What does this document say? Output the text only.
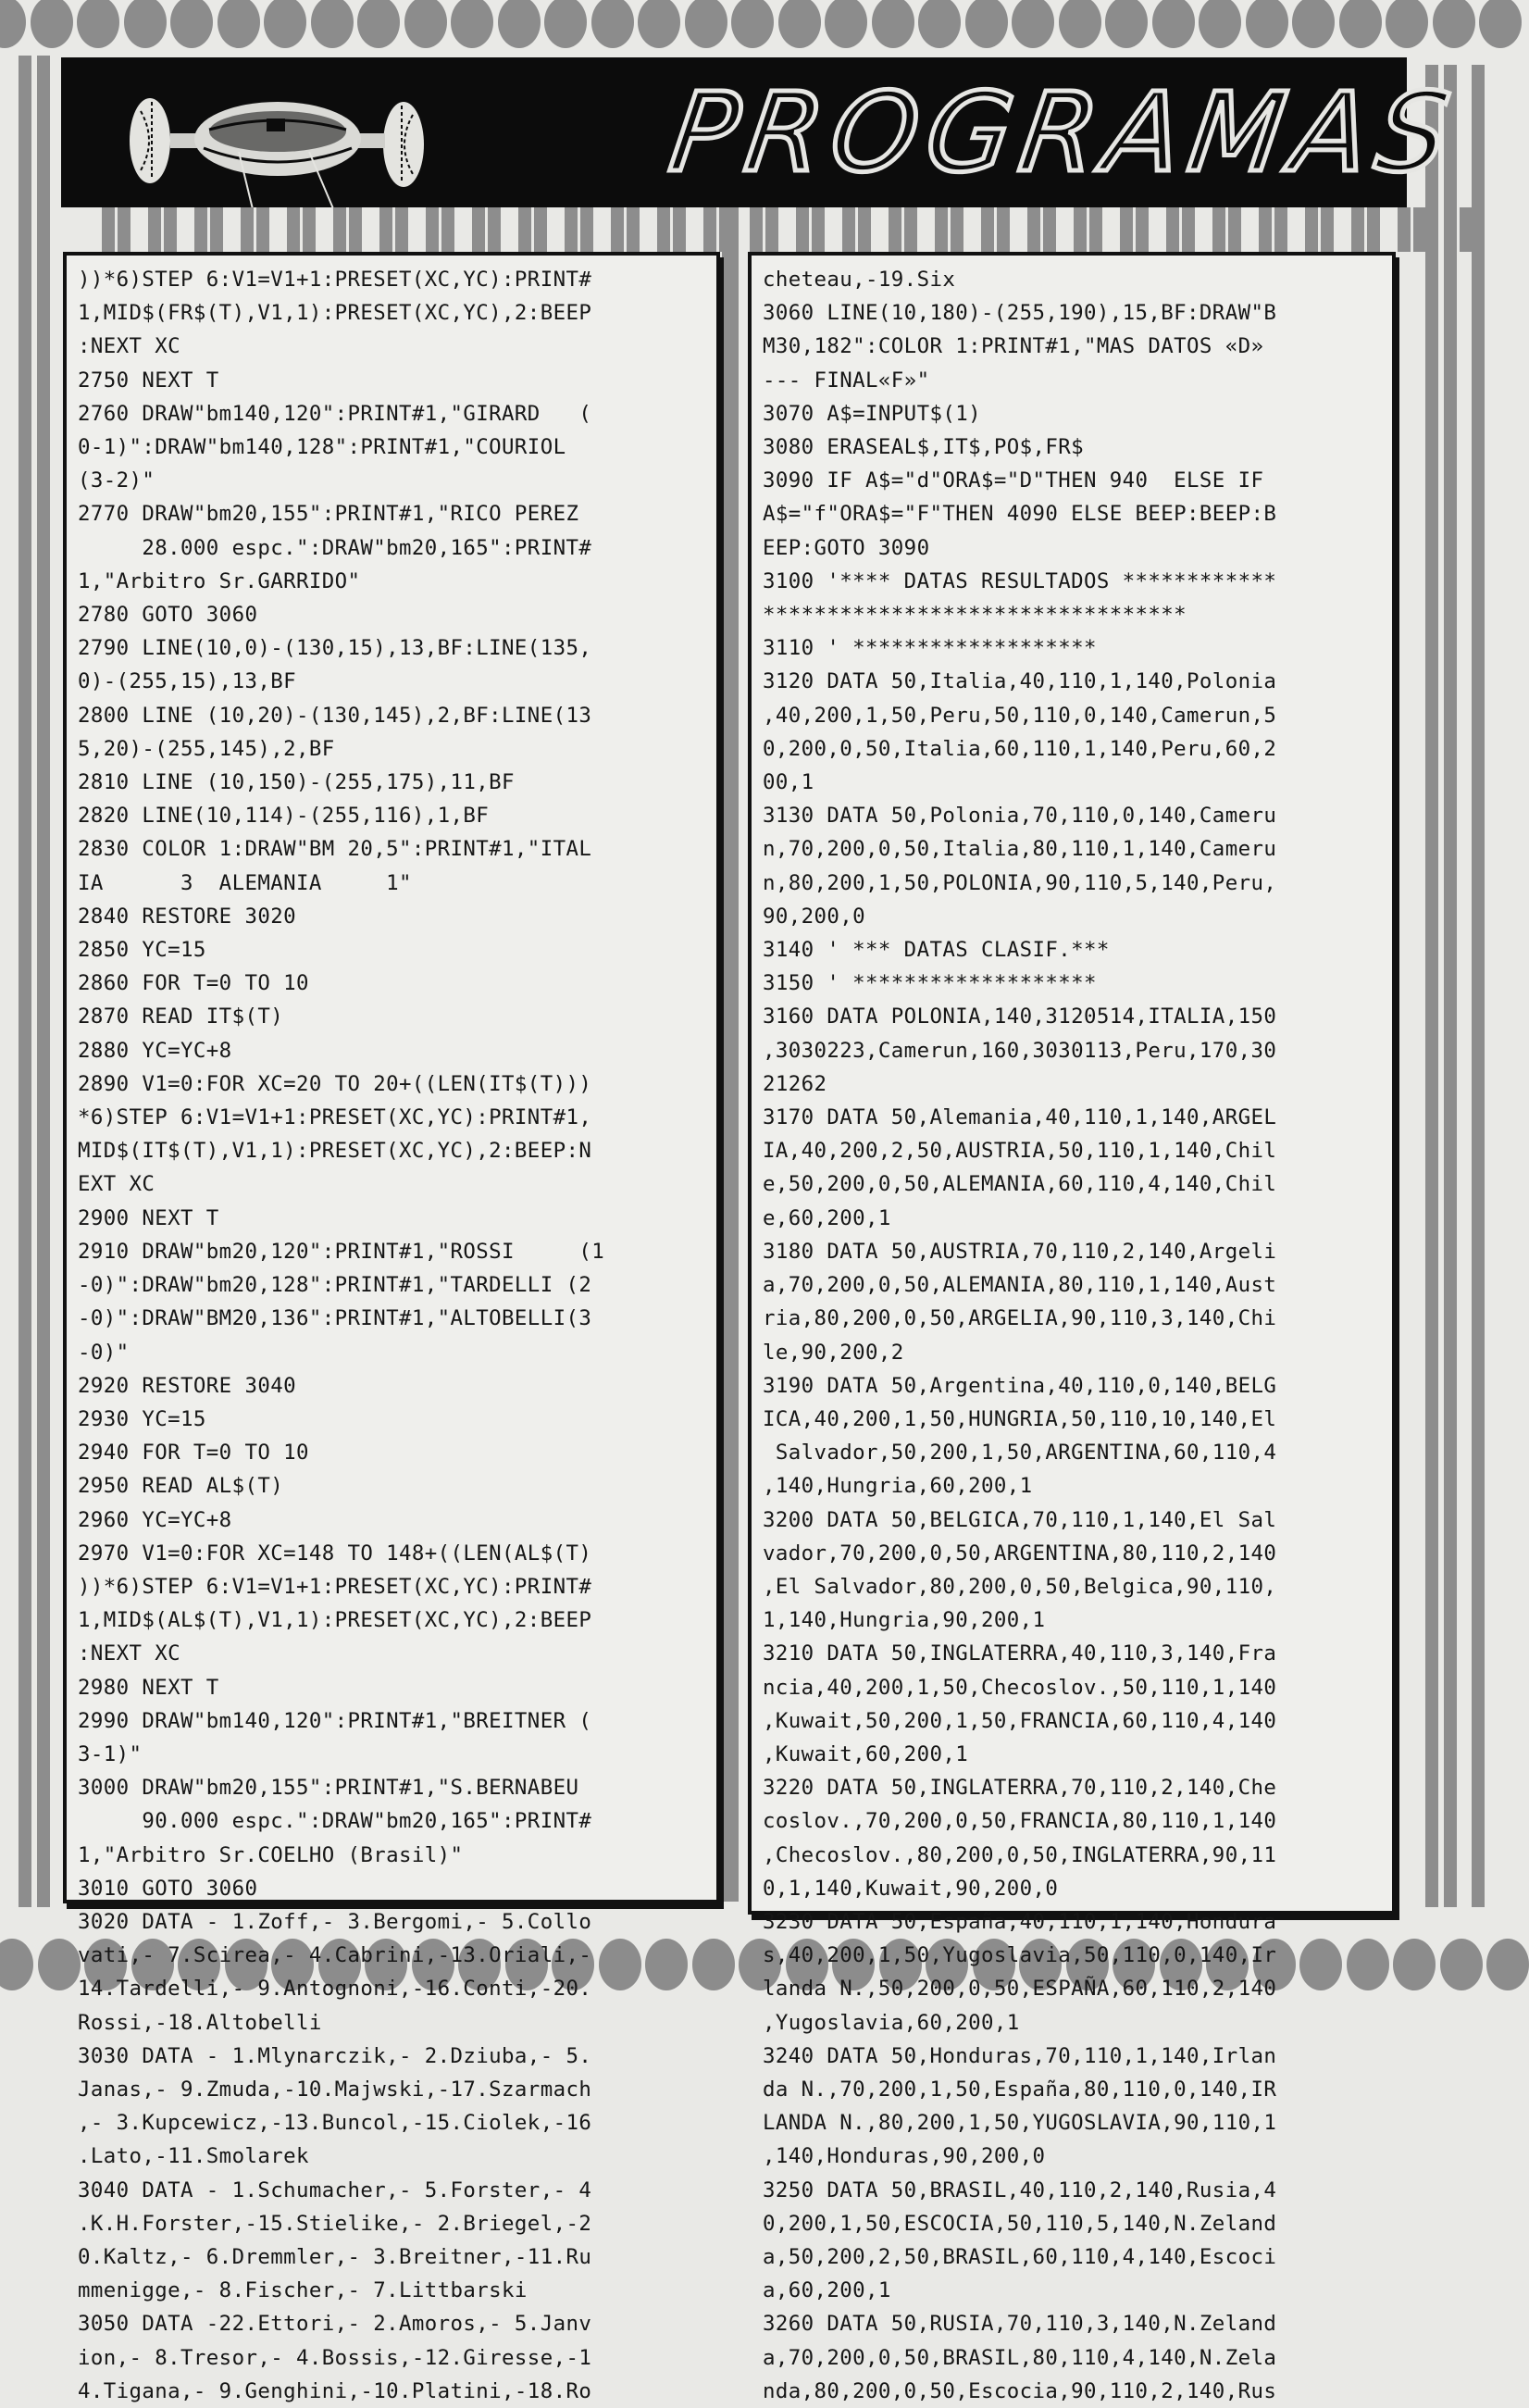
PROGRAMAS
))*6)STEP 6:V1=V1+1:PRESET(XC,YC):PRINT#
1,MID$(FR$(T),V1,1):PRESET(XC,YC),2:BEEP
:NEXT XC
2750 NEXT T
2760 DRAW"bm140,120":PRINT#1,"GIRARD   (
0-1)":DRAW"bm140,128":PRINT#1,"COURIOL
(3-2)"
2770 DRAW"bm20,155":PRINT#1,"RICO PEREZ
28.000 espc.":DRAW"bm20,165":PRINT#
1,"Arbitro Sr.GARRIDO"
2780 GOTO 3060
2790 LINE(10,0)-(130,15),13,BF:LINE(135,
0)-(255,15),13,BF
2800 LINE (10,20)-(130,145),2,BF:LINE(13
5,20)-(255,145),2,BF
2810 LINE (10,150)-(255,175),11,BF
2820 LINE(10,114)-(255,116),1,BF
2830 COLOR 1:DRAW"BM 20,5":PRINT#1,"ITAL
IA      3  ALEMANIA     1"
2840 RESTORE 3020
2850 YC=15
2860 FOR T=0 TO 10
2870 READ IT$(T)
2880 YC=YC+8
2890 V1=0:FOR XC=20 TO 20+((LEN(IT$(T)))
*6)STEP 6:V1=V1+1:PRESET(XC,YC):PRINT#1,
MID$(IT$(T),V1,1):PRESET(XC,YC),2:BEEP:N
EXT XC
2900 NEXT T
2910 DRAW"bm20,120":PRINT#1,"ROSSI     (1
-0)":DRAW"bm20,128":PRINT#1,"TARDELLI (2
-0)":DRAW"BM20,136":PRINT#1,"ALTOBELLI(3
-0)"
2920 RESTORE 3040
2930 YC=15
2940 FOR T=0 TO 10
2950 READ AL$(T)
2960 YC=YC+8
2970 V1=0:FOR XC=148 TO 148+((LEN(AL$(T)
))*6)STEP 6:V1=V1+1:PRESET(XC,YC):PRINT#
1,MID$(AL$(T),V1,1):PRESET(XC,YC),2:BEEP
:NEXT XC
2980 NEXT T
2990 DRAW"bm140,120":PRINT#1,"BREITNER (
3-1)"
3000 DRAW"bm20,155":PRINT#1,"S.BERNABEU
90.000 espc.":DRAW"bm20,165":PRINT#
1,"Arbitro Sr.COELHO (Brasil)"
3010 GOTO 3060
3020 DATA - 1.Zoff,- 3.Bergomi,- 5.Collo
vati,- 7.Scirea,- 4.Cabrini,-13.Oriali,-
14.Tardelli,- 9.Antognoni,-16.Conti,-20.
Rossi,-18.Altobelli
3030 DATA - 1.Mlynarczik,- 2.Dziuba,- 5.
Janas,- 9.Zmuda,-10.Majwski,-17.Szarmach
,- 3.Kupcewicz,-13.Buncol,-15.Ciolek,-16
.Lato,-11.Smolarek
3040 DATA - 1.Schumacher,- 5.Forster,- 4
.K.H.Forster,-15.Stielike,- 2.Briegel,-2
0.Kaltz,- 6.Dremmler,- 3.Breitner,-11.Ru
mmenigge,- 8.Fischer,- 7.Littbarski
3050 DATA -22.Ettori,- 2.Amoros,- 5.Janv
ion,- 8.Tresor,- 4.Bossis,-12.Giresse,-1
4.Tigana,- 9.Genghini,-10.Platini,-18.Ro
cheteau,-19.Six
3060 LINE(10,180)-(255,190),15,BF:DRAW"B
M30,182":COLOR 1:PRINT#1,"MAS DATOS «D»
--- FINAL«F»"
3070 A$=INPUT$(1)
3080 ERASEAL$,IT$,PO$,FR$
3090 IF A$="d"ORA$="D"THEN 940  ELSE IF
A$="f"ORA$="F"THEN 4090 ELSE BEEP:BEEP:B
EEP:GOTO 3090
3100 '**** DATAS RESULTADOS ************
*********************************
3110 ' *******************
3120 DATA 50,Italia,40,110,1,140,Polonia
,40,200,1,50,Peru,50,110,0,140,Camerun,5
0,200,0,50,Italia,60,110,1,140,Peru,60,2
00,1
3130 DATA 50,Polonia,70,110,0,140,Cameru
n,70,200,0,50,Italia,80,110,1,140,Cameru
n,80,200,1,50,POLONIA,90,110,5,140,Peru,
90,200,0
3140 ' *** DATAS CLASIF.***
3150 ' *******************
3160 DATA POLONIA,140,3120514,ITALIA,150
,3030223,Camerun,160,3030113,Peru,170,30
21262
3170 DATA 50,Alemania,40,110,1,140,ARGEL
IA,40,200,2,50,AUSTRIA,50,110,1,140,Chil
e,50,200,0,50,ALEMANIA,60,110,4,140,Chil
e,60,200,1
3180 DATA 50,AUSTRIA,70,110,2,140,Argeli
a,70,200,0,50,ALEMANIA,80,110,1,140,Aust
ria,80,200,0,50,ARGELIA,90,110,3,140,Chi
le,90,200,2
3190 DATA 50,Argentina,40,110,0,140,BELG
ICA,40,200,1,50,HUNGRIA,50,110,10,140,El
Salvador,50,200,1,50,ARGENTINA,60,110,4
,140,Hungria,60,200,1
3200 DATA 50,BELGICA,70,110,1,140,El Sal
vador,70,200,0,50,ARGENTINA,80,110,2,140
,El Salvador,80,200,0,50,Belgica,90,110,
1,140,Hungria,90,200,1
3210 DATA 50,INGLATERRA,40,110,3,140,Fra
ncia,40,200,1,50,Checoslov.,50,110,1,140
,Kuwait,50,200,1,50,FRANCIA,60,110,4,140
,Kuwait,60,200,1
3220 DATA 50,INGLATERRA,70,110,2,140,Che
coslov.,70,200,0,50,FRANCIA,80,110,1,140
,Checoslov.,80,200,0,50,INGLATERRA,90,11
0,1,140,Kuwait,90,200,0
3230 DATA 50,España,40,110,1,140,Hondura
s,40,200,1,50,Yugoslavia,50,110,0,140,Ir
landa N.,50,200,0,50,ESPAÑA,60,110,2,140
,Yugoslavia,60,200,1
3240 DATA 50,Honduras,70,110,1,140,Irlan
da N.,70,200,1,50,España,80,110,0,140,IR
LANDA N.,80,200,1,50,YUGOSLAVIA,90,110,1
,140,Honduras,90,200,0
3250 DATA 50,BRASIL,40,110,2,140,Rusia,4
0,200,1,50,ESCOCIA,50,110,5,140,N.Zeland
a,50,200,2,50,BRASIL,60,110,4,140,Escoci
a,60,200,1
3260 DATA 50,RUSIA,70,110,3,140,N.Zeland
a,70,200,0,50,BRASIL,80,110,4,140,N.Zela
nda,80,200,0,50,Escocia,90,110,2,140,Rus
